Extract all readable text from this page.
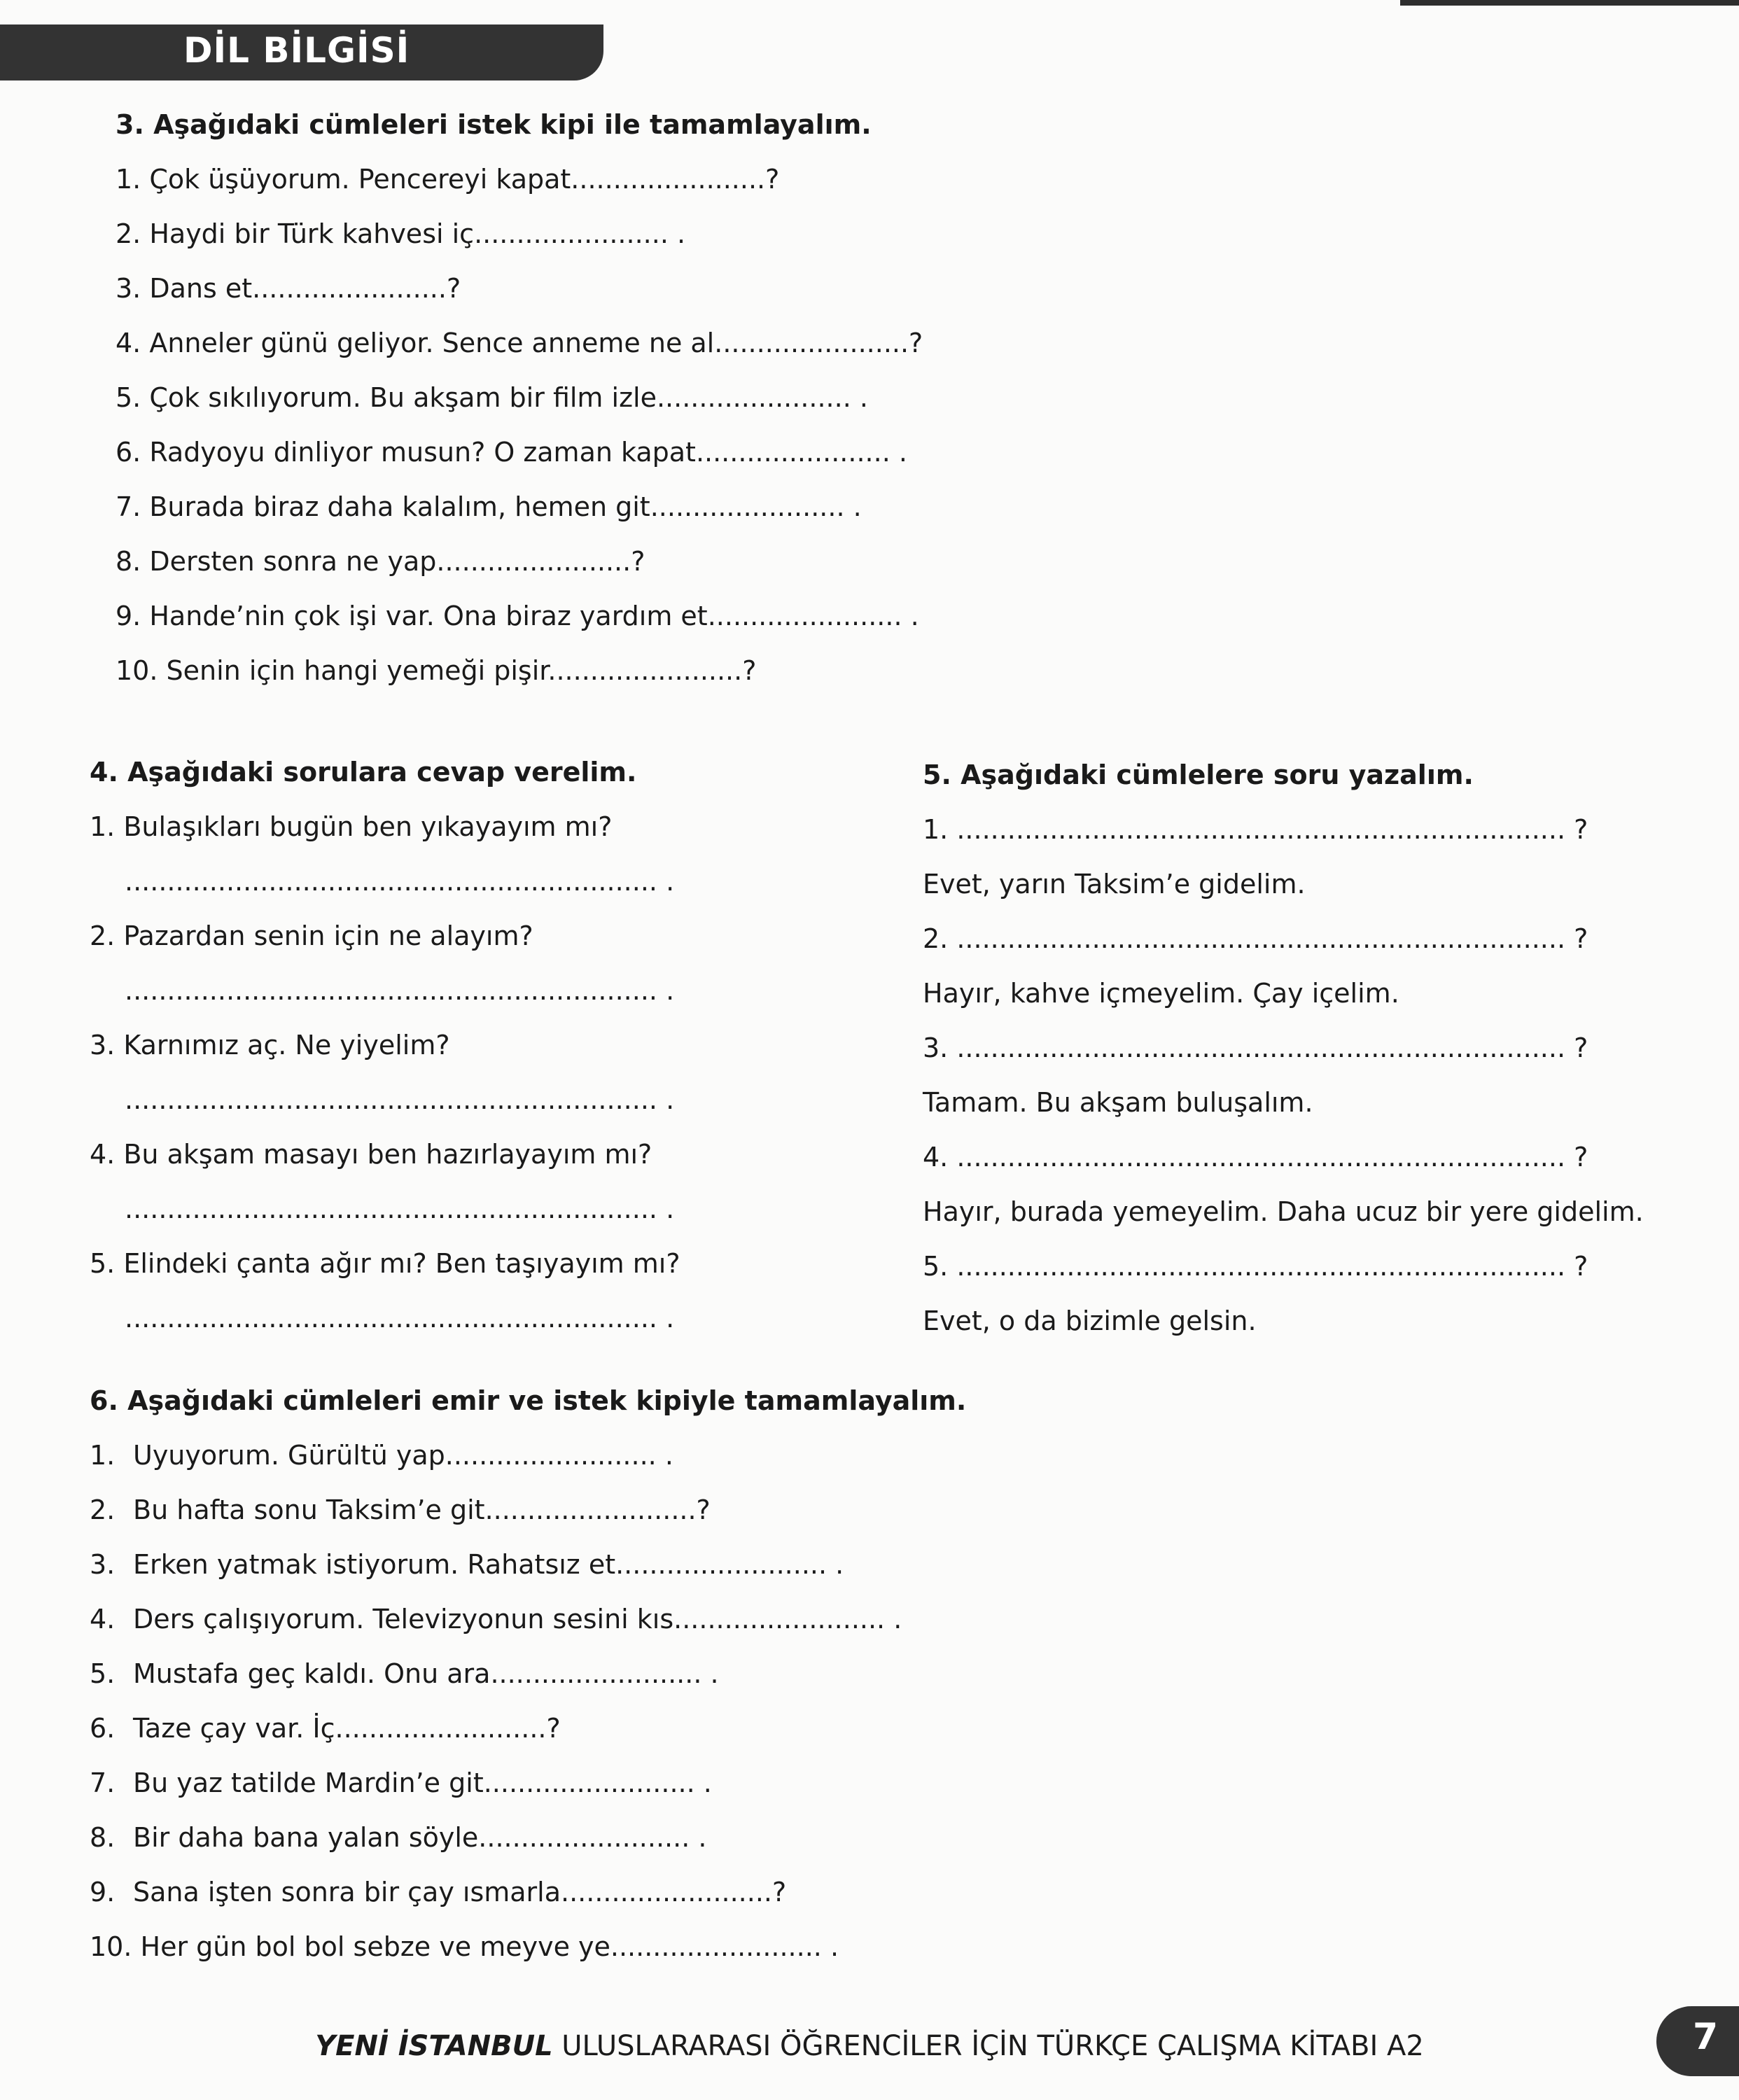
DİL BİLGİSİ
3. Aşağıdaki cümleleri istek kipi ile tamamlayalım.
1. Çok üşüyorum. Pencereyi kapat.......................?
2. Haydi bir Türk kahvesi iç....................... .
3. Dans et.......................?
4. Anneler günü geliyor. Sence anneme ne al.......................?
5. Çok sıkılıyorum. Bu akşam bir film izle....................... .
6. Radyoyu dinliyor musun? O zaman kapat....................... .
7. Burada biraz daha kalalım, hemen git....................... .
8. Dersten sonra ne yap.......................?
9. Hande’nin çok işi var. Ona biraz yardım et....................... .
10. Senin için hangi yemeği pişir.......................?
4. Aşağıdaki sorulara cevap verelim.
1. Bulaşıkları bugün ben yıkayayım mı?
............................................................... .
2. Pazardan senin için ne alayım?
............................................................... .
3. Karnımız aç. Ne yiyelim?
............................................................... .
4. Bu akşam masayı ben hazırlayayım mı?
............................................................... .
5. Elindeki çanta ağır mı? Ben taşıyayım mı?
............................................................... .
5. Aşağıdaki cümlelere soru yazalım.
1. ........................................................................ ?
Evet, yarın Taksim’e gidelim.
2. ........................................................................ ?
Hayır, kahve içmeyelim. Çay içelim.
3. ........................................................................ ?
Tamam. Bu akşam buluşalım.
4. ........................................................................ ?
Hayır, burada yemeyelim. Daha ucuz bir yere gidelim.
5. ........................................................................ ?
Evet, o da bizimle gelsin.
6. Aşağıdaki cümleleri emir ve istek kipiyle tamamlayalım.
1. Uyuyorum. Gürültü yap......................... .
2. Bu hafta sonu Taksim’e git.........................?
3. Erken yatmak istiyorum. Rahatsız et......................... .
4. Ders çalışıyorum. Televizyonun sesini kıs......................... .
5. Mustafa geç kaldı. Onu ara......................... .
6. Taze çay var. İç.........................?
7. Bu yaz tatilde Mardin’e git......................... .
8. Bir daha bana yalan söyle......................... .
9. Sana işten sonra bir çay ısmarla.........................?
10. Her gün bol bol sebze ve meyve ye......................... .
YENİ İSTANBUL ULUSLARARASI ÖĞRENCİLER İÇİN TÜRKÇE ÇALIŞMA KİTABI A2	7
